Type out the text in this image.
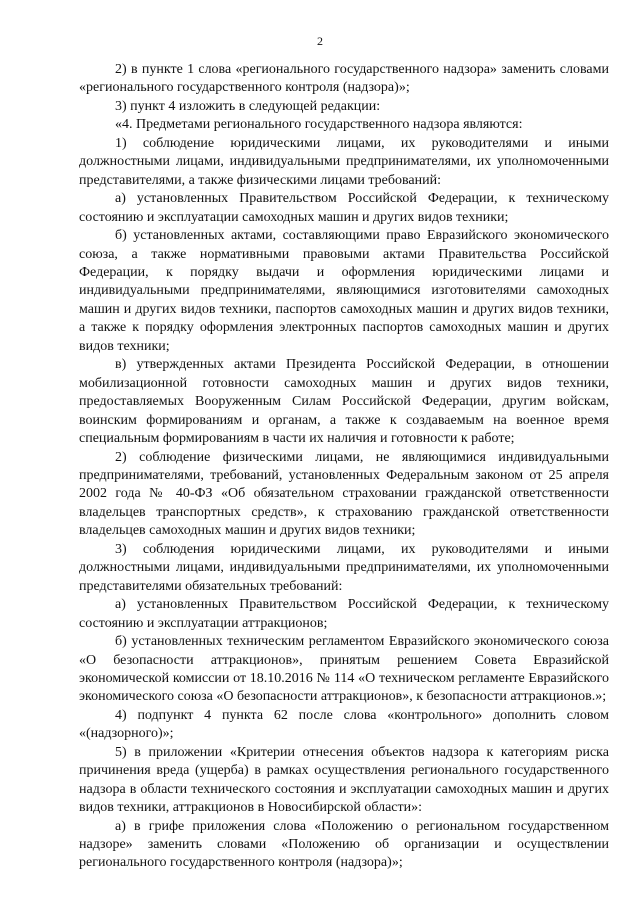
2

2) в пункте 1 слова «регионального государственного надзора» заменить словами «регионального государственного контроля (надзора)»;

3) пункт 4 изложить в следующей редакции:

«4. Предметами регионального государственного надзора являются:

1) соблюдение юридическими лицами, их руководителями и иными должностными лицами, индивидуальными предпринимателями, их уполномоченными представителями, а также физическими лицами требований:

а) установленных Правительством Российской Федерации, к техническому состоянию и эксплуатации самоходных машин и других видов техники;

б) установленных актами, составляющими право Евразийского экономического союза, а также нормативными правовыми актами Правительства Российской Федерации, к порядку выдачи и оформления юридическими лицами и индивидуальными предпринимателями, являющимися изготовителями самоходных машин и других видов техники, паспортов самоходных машин и других видов техники, а также к порядку оформления электронных паспортов самоходных машин и других видов техники;

в) утвержденных актами Президента Российской Федерации, в отношении мобилизационной готовности самоходных машин и других видов техники, предоставляемых Вооруженным Силам Российской Федерации, другим войскам, воинским формированиям и органам, а также к создаваемым на военное время специальным формированиям в части их наличия и готовности к работе;

2) соблюдение физическими лицами, не являющимися индивидуальными предпринимателями, требований, установленных Федеральным законом от 25 апреля 2002 года № 40-ФЗ «Об обязательном страховании гражданской ответственности владельцев транспортных средств», к страхованию гражданской ответственности владельцев самоходных машин и других видов техники;

3) соблюдения юридическими лицами, их руководителями и иными должностными лицами, индивидуальными предпринимателями, их уполномоченными представителями обязательных требований:

а) установленных Правительством Российской Федерации, к техническому состоянию и эксплуатации аттракционов;

б) установленных техническим регламентом Евразийского экономического союза «О безопасности аттракционов», принятым решением Совета Евразийской экономической комиссии от 18.10.2016 № 114 «О техническом регламенте Евразийского экономического союза «О безопасности аттракционов», к безопасности аттракционов.»;

4) подпункт 4 пункта 62 после слова «контрольного» дополнить словом «(надзорного)»;

5) в приложении «Критерии отнесения объектов надзора к категориям риска причинения вреда (ущерба) в рамках осуществления регионального государственного надзора в области технического состояния и эксплуатации самоходных машин и других видов техники, аттракционов в Новосибирской области»:

а) в грифе приложения слова «Положению о региональном государственном надзоре» заменить словами «Положению об организации и осуществлении регионального государственного контроля (надзора)»;
